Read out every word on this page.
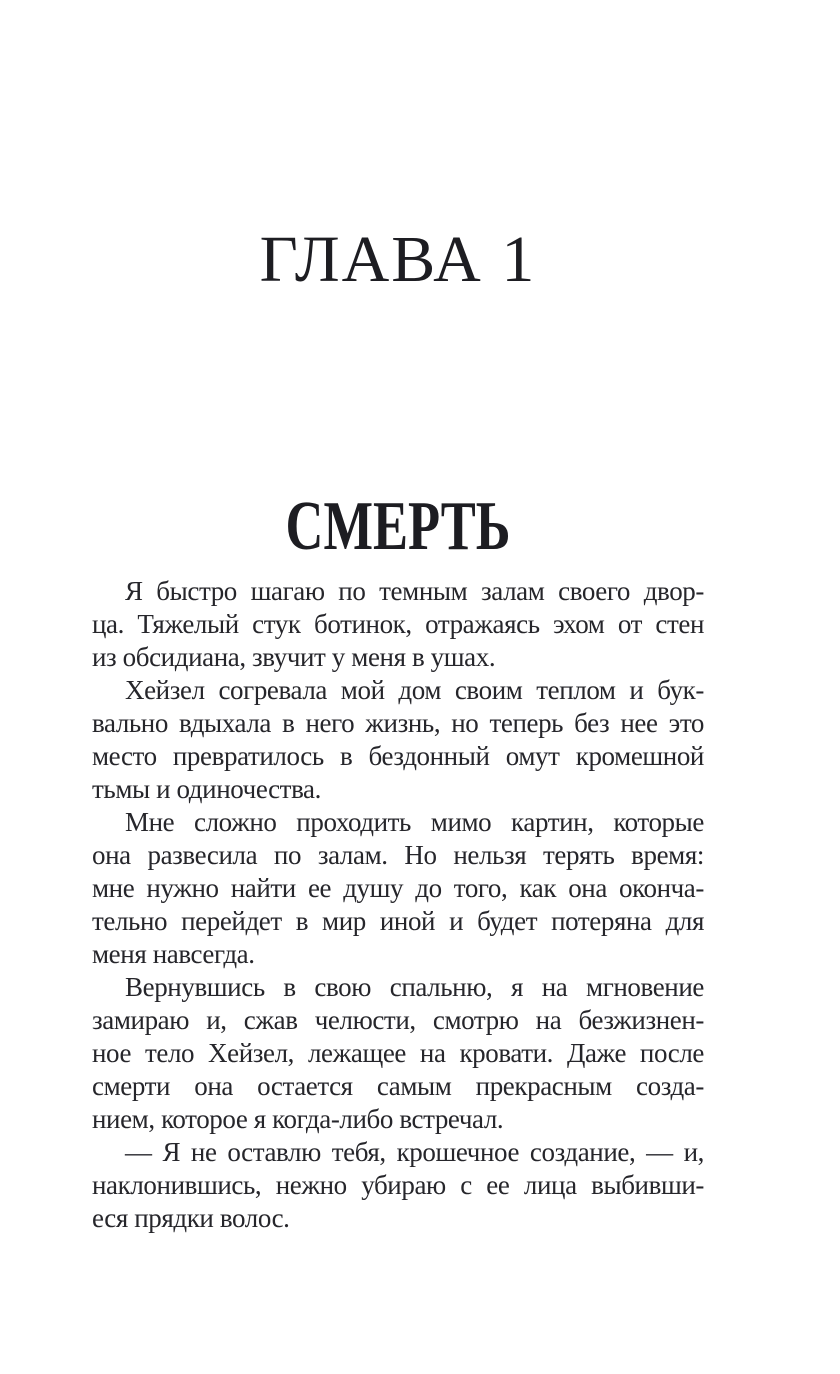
ГЛАВА 1
СМЕРТЬ

Я быстро шагаю по темным залам своего двор-
ца. Тяжелый стук ботинок, отражаясь эхом от стен
из обсидиана, звучит у меня в ушах.

Хейзел согревала мой дом своим теплом и бук-
вально вдыхала в него жизнь, но теперь без нее это
место превратилось в бездонный омут кромешной
тьмы и одиночества.

Мне сложно проходить мимо картин, которые
она развесила по залам. Но нельзя терять время:
мне нужно найти ее душу до того, как она оконча-
тельно перейдет в мир иной и будет потеряна для
меня навсегда.

Вернувшись в свою спальню, я на мгновение
замираю и, сжав челюсти, смотрю на безжизнен-
ное тело Хейзел, лежащее на кровати. Даже после
смерти она остается самым прекрасным созда-
нием, которое я когда-либо встречал.

— Я не оставлю тебя, крошечное создание, — и,
наклонившись, нежно убираю с ее лица выбивши-
еся прядки волос.
